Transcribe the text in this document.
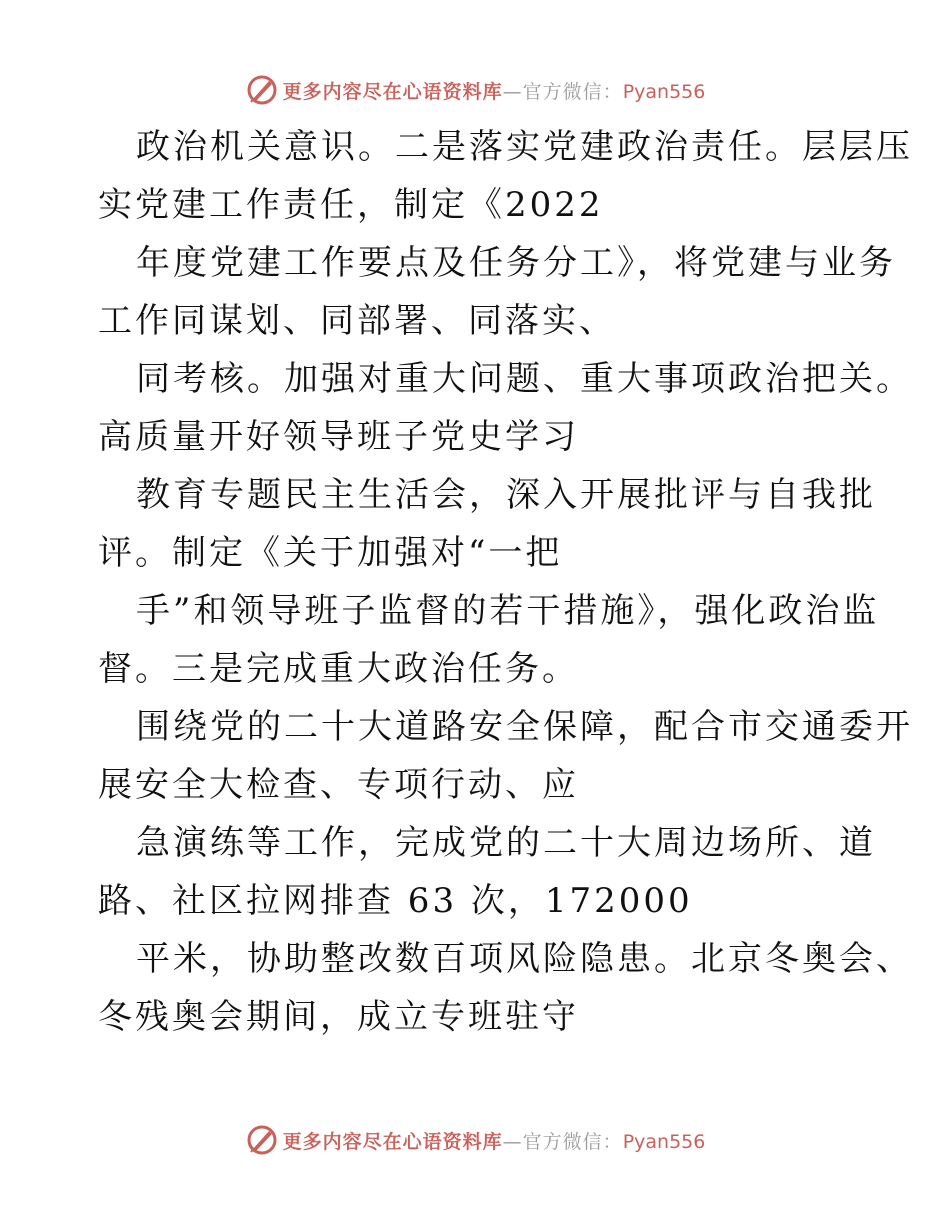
更多内容尽在心语资料库—官方微信：Pyan556
政治机关意识。二是落实党建政治责任。层层压
实党建工作责任，制定《2022
年度党建工作要点及任务分工》，将党建与业务
工作同谋划、同部署、同落实、
同考核。加强对重大问题、重大事项政治把关。
高质量开好领导班子党史学习
教育专题民主生活会，深入开展批评与自我批
评。制定《关于加强对“一把
手”和领导班子监督的若干措施》，强化政治监
督。三是完成重大政治任务。
围绕党的二十大道路安全保障，配合市交通委开
展安全大检查、专项行动、应
急演练等工作，完成党的二十大周边场所、道
路、社区拉网排查 63 次，172000
平米，协助整改数百项风险隐患。北京冬奥会、
冬残奥会期间，成立专班驻守
更多内容尽在心语资料库—官方微信：Pyan556
